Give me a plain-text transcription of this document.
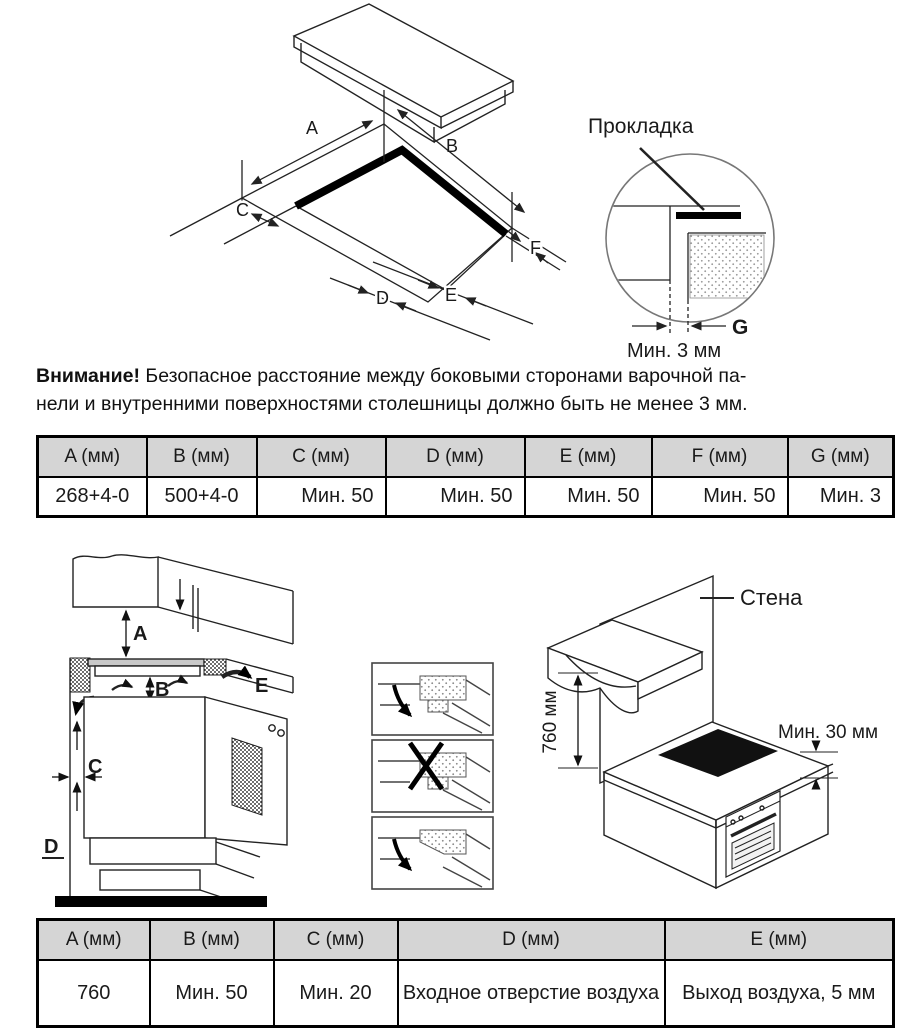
A
B
C
D	E
F
Прокладка
G
Мин. 3 мм

Внимание! Безопасное расстояние между боковыми сторонами варочной па-
нели и внутренними поверхностями столешницы должно быть не менее 3 мм.

A (мм)	B (мм)	C (мм)	D (мм)	E (мм)	F (мм)	G (мм)
268+4-0	500+4-0	Мин. 50	Мин. 50	Мин. 50	Мин. 50	Мин. 3
A
B
C
D
E
Стена
760 мм	Мин. 30 мм
A (мм)	B (мм)	C (мм)	D (мм)	E (мм)
760	Мин. 50	Мин. 20	Входное отверстие воздуха	Выход воздуха, 5 мм
